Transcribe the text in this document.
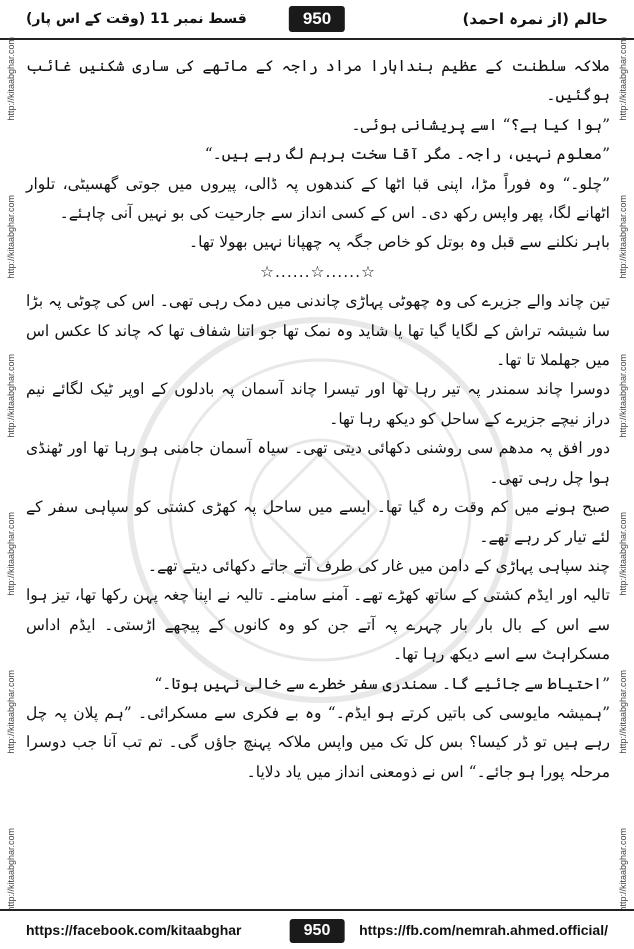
قسط نمبر 11 (وقت کے اس پار)	950	حالم (از نمرہ احمد)
http://kitaabghar.com
http://kitaabghar.com
http://kitaabghar.com
http://kitaabghar.com
http://kitaabghar.com
http://kitaabghar.com
http://kitaabghar.com
http://kitaabghar.com
http://kitaabghar.com
http://kitaabghar.com
http://kitaabghar.com
http://kitaabghar.com

ملاکہ سلطنت کے عظیم بنداہارا مراد راجہ کے ماتھے کی ساری شکنیں غائب ہوگئیں۔

”ہوا کیا ہے؟“ اسے پریشانی ہوئی۔

”معلوم نہیں، راجہ۔ مگر آقا سخت برہم لگ رہے ہیں۔“

”چلو۔“ وہ فوراً مڑا، اپنی قبا اٹھا کے کندھوں پہ ڈالی، پیروں میں جوتی گھسیٹی، تلوار اٹھانے لگا، پھر واپس رکھ دی۔ اس کے کسی انداز سے جارحیت کی بو نہیں آنی چاہئے۔

باہر نکلنے سے قبل وہ بوتل کو خاص جگہ پہ چھپانا نہیں بھولا تھا۔

☆......☆......☆

تین چاند والے جزیرے کی وہ چھوٹی پہاڑی چاندنی میں دمک رہی تھی۔ اس کی چوٹی پہ بڑا سا شیشہ تراش کے لگایا گیا تھا یا شاید وہ نمک تھا جو اتنا شفاف تھا کہ چاند کا عکس اس میں جھلملا تا تھا۔

دوسرا چاند سمندر پہ تیر رہا تھا اور تیسرا چاند آسمان پہ بادلوں کے اوپر ٹیک لگائے نیم دراز نیچے جزیرے کے ساحل کو دیکھ رہا تھا۔

دور افق پہ مدھم سی روشنی دکھائی دیتی تھی۔ سیاہ آسمان جامنی ہو رہا تھا اور ٹھنڈی ہوا چل رہی تھی۔

صبح ہونے میں کم وقت رہ گیا تھا۔ ایسے میں ساحل پہ کھڑی کشتی کو سپاہی سفر کے لئے تیار کر رہے تھے۔

چند سپاہی پہاڑی کے دامن میں غار کی طرف آتے جاتے دکھائی دیتے تھے۔

تالیہ اور ایڈم کشتی کے ساتھ کھڑے تھے۔ آمنے سامنے۔ تالیہ نے اپنا چغہ پہن رکھا تھا، تیز ہوا سے اس کے بال بار بار چہرے پہ آتے جن کو وہ کانوں کے پیچھے اڑستی۔ ایڈم اداس مسکراہٹ سے اسے دیکھ رہا تھا۔

”احتیاط سے جائیے گا۔ سمندری سفر خطرے سے خالی نہیں ہوتا۔“

”ہمیشہ مایوسی کی باتیں کرتے ہو ایڈم۔“ وہ بے فکری سے مسکرائی۔ ”ہم پلان پہ چل رہے ہیں تو ڈر کیسا؟ بس کل تک میں واپس ملاکہ پہنچ جاؤں گی۔ تم تب آنا جب دوسرا مرحلہ پورا ہو جائے۔“ اس نے ذومعنی انداز میں یاد دلایا۔

https://facebook.com/kitaabghar	950	https://fb.com/nemrah.ahmed.official/
